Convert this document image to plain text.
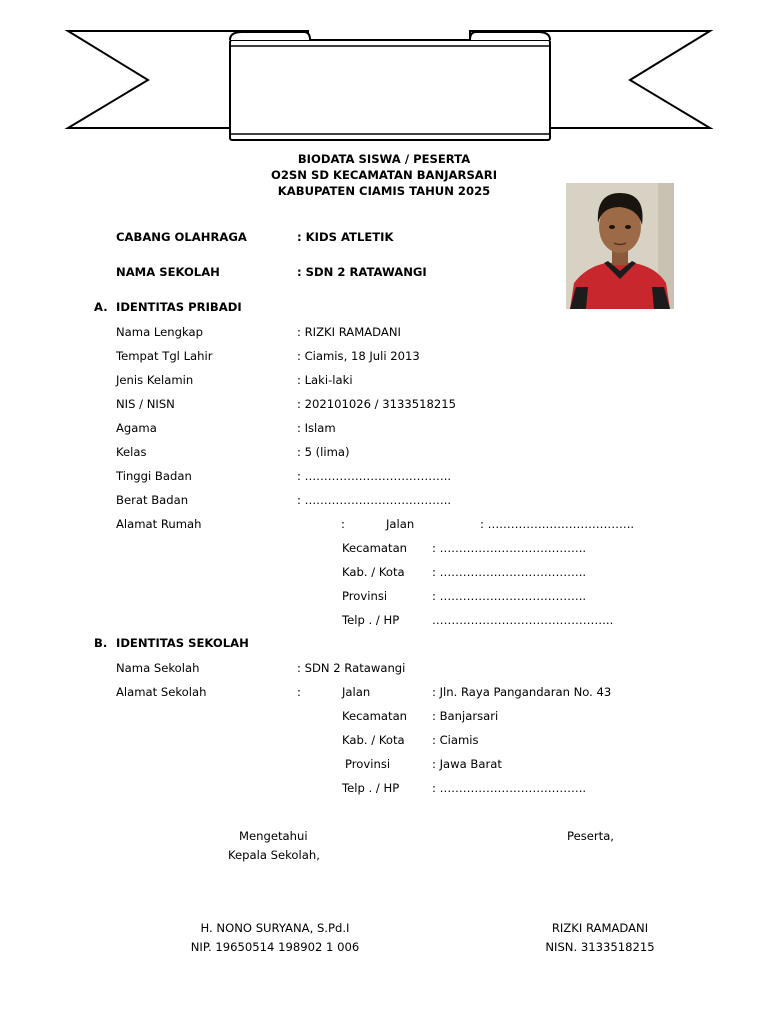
BIODATA SISWA / PESERTA
O2SN SD KECAMATAN BANJARSARI
KABUPATEN CIAMIS TAHUN 2025
CABANG OLAHRAGA	: KIDS ATLETIK
NAMA SEKOLAH	: SDN 2 RATAWANGI
A. IDENTITAS PRIBADI
Nama Lengkap	: RIZKI RAMADANI
Tempat Tgl Lahir	: Ciamis, 18 Juli 2013
Jenis Kelamin	: Laki-laki
NIS / NISN	: 202101026 / 3133518215
Agama	: Islam
Kelas	: 5 (lima)
Tinggi Badan	: ………………………………..
Berat Badan	: ………………………………..
Alamat Rumah	:	Jalan	: ………………………………..
Kecamatan : ………………………………..
Kab. / Kota : ………………………………..
Provinsi	: ………………………………..
Telp . / HP	………………………………………..
B. IDENTITAS SEKOLAH
Nama Sekolah	: SDN 2 Ratawangi
Alamat Sekolah	:	Jalan	: Jln. Raya Pangandaran No. 43
Kecamatan : Banjarsari
Kab. / Kota : Ciamis
Provinsi	: Jawa Barat
Telp . / HP	: ………………………………..
Mengetahui
Kepala Sekolah,
Peserta,
H. NONO SURYANA, S.Pd.I
NIP. 19650514 198902 1 006
RIZKI RAMADANI
NISN. 3133518215
